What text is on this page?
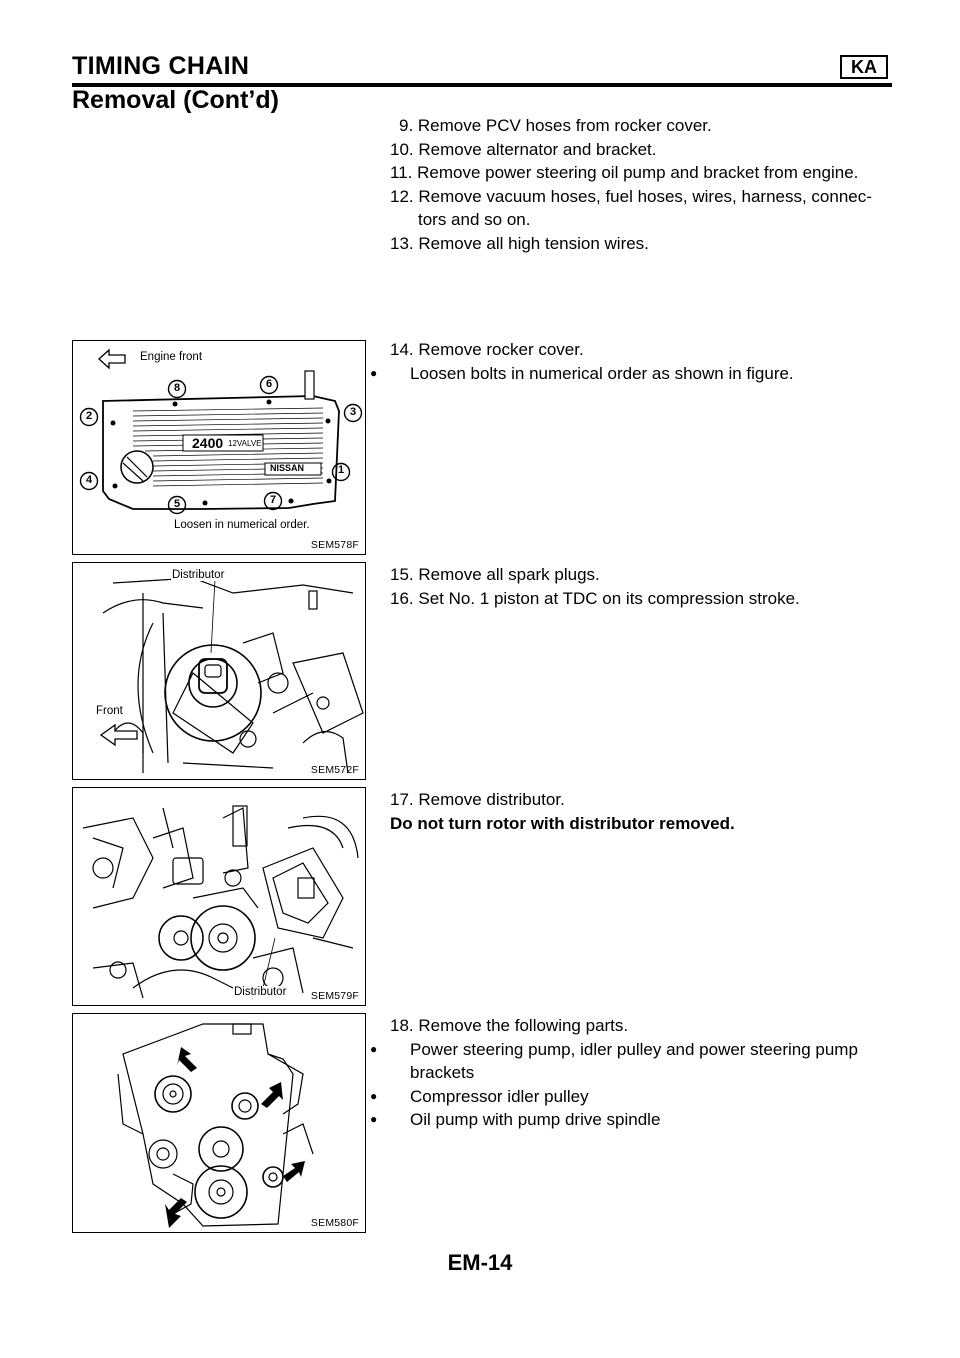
TIMING CHAIN	KA
Removal (Cont’d)

9. Remove PCV hoses from rocker cover.

10. Remove alternator and bracket.

11. Remove power steering oil pump and bracket from engine.

12. Remove vacuum hoses, fuel hoses, wires, harness, connec-

tors and so on.

13. Remove all high tension wires.

Engine front
2400 12VALVE
NISSAN	1
2	3
4
5
6
7
8
Loosen in numerical order.
SEM578F

14. Remove rocker cover.

● Loosen bolts in numerical order as shown in figure.

Distributor
Front
SEM572F

15. Remove all spark plugs.

16. Set No. 1 piston at TDC on its compression stroke.

Distributor SEM579F

17. Remove distributor.

Do not turn rotor with distributor removed.

SEM580F

18. Remove the following parts.

● Power steering pump, idler pulley and power steering pump

brackets

● Compressor idler pulley

● Oil pump with pump drive spindle

EM-14
